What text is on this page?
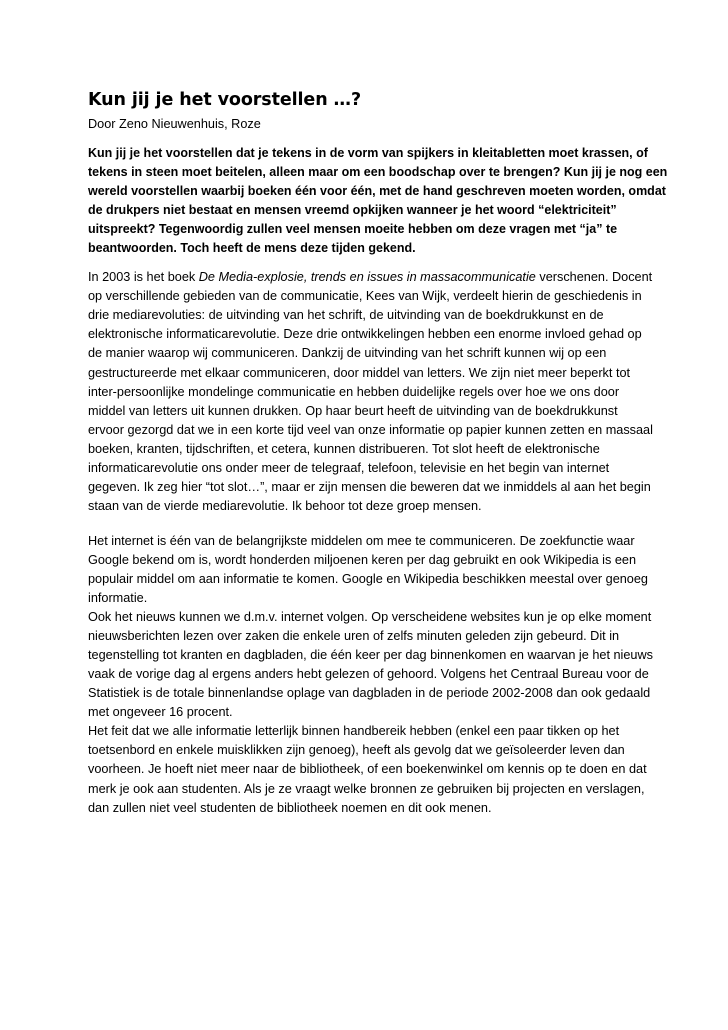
Kun jij je het voorstellen …?
Door Zeno Nieuwenhuis, Roze

Kun jij je het voorstellen dat je tekens in de vorm van spijkers in kleitabletten moet krassen, of
tekens in steen moet beitelen, alleen maar om een boodschap over te brengen? Kun jij je nog een
wereld voorstellen waarbij boeken één voor één, met de hand geschreven moeten worden, omdat
de drukpers niet bestaat en mensen vreemd opkijken wanneer je het woord “elektriciteit”
uitspreekt? Tegenwoordig zullen veel mensen moeite hebben om deze vragen met “ja” te
beantwoorden. Toch heeft de mens deze tijden gekend.

In 2003 is het boek De Media-explosie, trends en issues in massacommunicatie verschenen. Docent
op verschillende gebieden van de communicatie, Kees van Wijk, verdeelt hierin de geschiedenis in
drie mediarevoluties: de uitvinding van het schrift, de uitvinding van de boekdrukkunst en de
elektronische informaticarevolutie. Deze drie ontwikkelingen hebben een enorme invloed gehad op
de manier waarop wij communiceren. Dankzij de uitvinding van het schrift kunnen wij op een
gestructureerde met elkaar communiceren, door middel van letters. We zijn niet meer beperkt tot
inter-persoonlijke mondelinge communicatie en hebben duidelijke regels over hoe we ons door
middel van letters uit kunnen drukken. Op haar beurt heeft de uitvinding van de boekdrukkunst
ervoor gezorgd dat we in een korte tijd veel van onze informatie op papier kunnen zetten en massaal
boeken, kranten, tijdschriften, et cetera, kunnen distribueren. Tot slot heeft de elektronische
informaticarevolutie ons onder meer de telegraaf, telefoon, televisie en het begin van internet
gegeven. Ik zeg hier “tot slot…”, maar er zijn mensen die beweren dat we inmiddels al aan het begin
staan van de vierde mediarevolutie. Ik behoor tot deze groep mensen.

Het internet is één van de belangrijkste middelen om mee te communiceren. De zoekfunctie waar
Google bekend om is, wordt honderden miljoenen keren per dag gebruikt en ook Wikipedia is een
populair middel om aan informatie te komen. Google en Wikipedia beschikken meestal over genoeg
informatie.
Ook het nieuws kunnen we d.m.v. internet volgen. Op verscheidene websites kun je op elke moment
nieuwsberichten lezen over zaken die enkele uren of zelfs minuten geleden zijn gebeurd. Dit in
tegenstelling tot kranten en dagbladen, die één keer per dag binnenkomen en waarvan je het nieuws
vaak de vorige dag al ergens anders hebt gelezen of gehoord. Volgens het Centraal Bureau voor de
Statistiek is de totale binnenlandse oplage van dagbladen in de periode 2002-2008 dan ook gedaald
met ongeveer 16 procent.
Het feit dat we alle informatie letterlijk binnen handbereik hebben (enkel een paar tikken op het
toetsenbord en enkele muisklikken zijn genoeg), heeft als gevolg dat we geïsoleerder leven dan
voorheen. Je hoeft niet meer naar de bibliotheek, of een boekenwinkel om kennis op te doen en dat
merk je ook aan studenten. Als je ze vraagt welke bronnen ze gebruiken bij projecten en verslagen,
dan zullen niet veel studenten de bibliotheek noemen en dit ook menen.
